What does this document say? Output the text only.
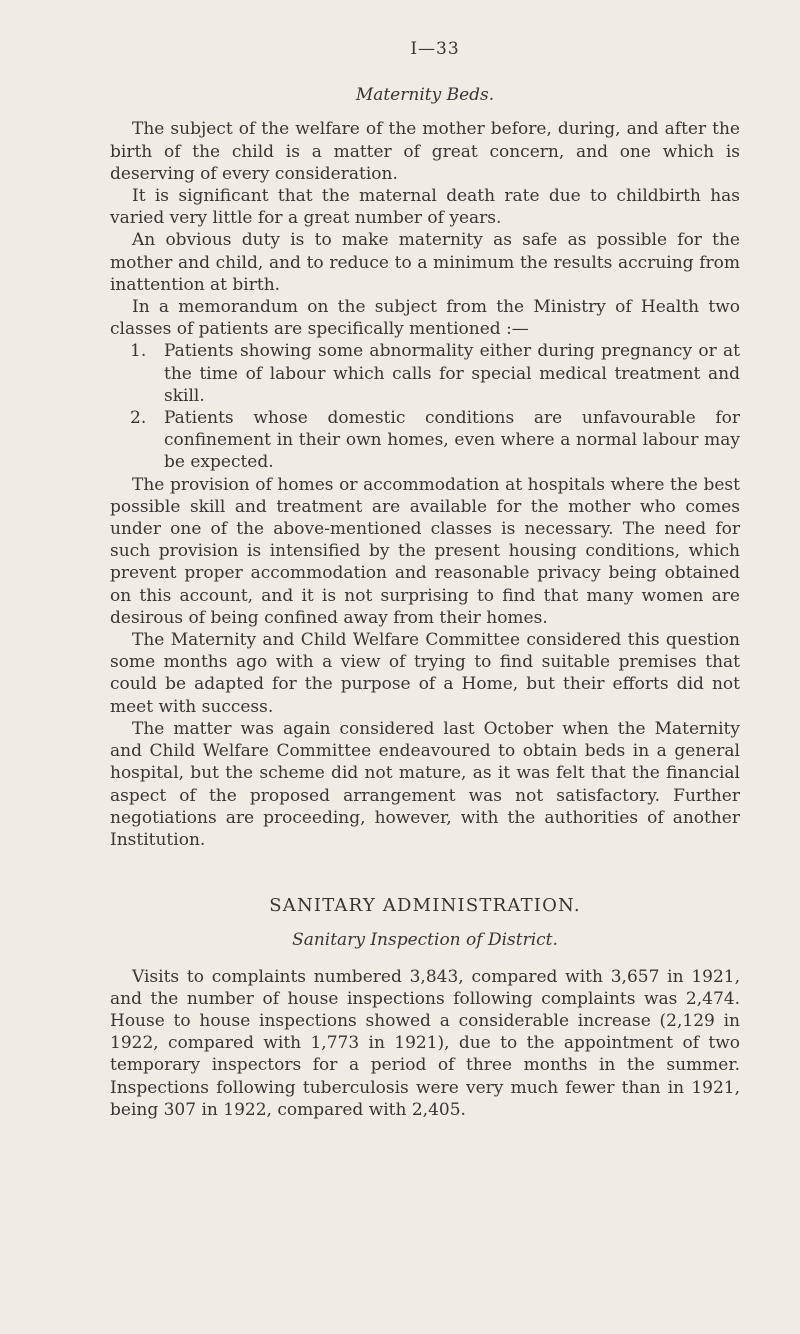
I—33
Maternity Beds.

The subject of the welfare of the mother before, during, and after the birth of the child is a matter of great concern, and one which is deserving of every consideration.

It is significant that the maternal death rate due to childbirth has varied very little for a great number of years.

An obvious duty is to make maternity as safe as possible for the mother and child, and to reduce to a minimum the results accruing from inattention at birth.

In a memorandum on the subject from the Ministry of Health two classes of patients are specifically mentioned :—

1.	Patients showing some abnormality either during pregnancy or at the time of labour which calls for special medical treatment and skill.
2.	Patients whose domestic conditions are unfavourable for confinement in their own homes, even where a normal labour may be expected.

The provision of homes or accommodation at hospitals where the best possible skill and treatment are available for the mother who comes under one of the above-mentioned classes is necessary. The need for such provision is intensified by the present housing conditions, which prevent proper accommodation and reasonable privacy being obtained on this account, and it is not surprising to find that many women are desirous of being confined away from their homes.

The Maternity and Child Welfare Committee considered this question some months ago with a view of trying to find suitable premises that could be adapted for the purpose of a Home, but their efforts did not meet with success.

The matter was again considered last October when the Maternity and Child Welfare Committee endeavoured to obtain beds in a general hospital, but the scheme did not mature, as it was felt that the financial aspect of the proposed arrangement was not satisfactory. Further negotiations are proceeding, however, with the authorities of another Institution.

SANITARY ADMINISTRATION.
Sanitary Inspection of District.

Visits to complaints numbered 3,843, compared with 3,657 in 1921, and the number of house inspections following complaints was 2,474. House to house inspections showed a considerable increase (2,129 in 1922, compared with 1,773 in 1921), due to the appointment of two temporary inspectors for a period of three months in the summer. Inspections following tuberculosis were very much fewer than in 1921, being 307 in 1922, compared with 2,405.
